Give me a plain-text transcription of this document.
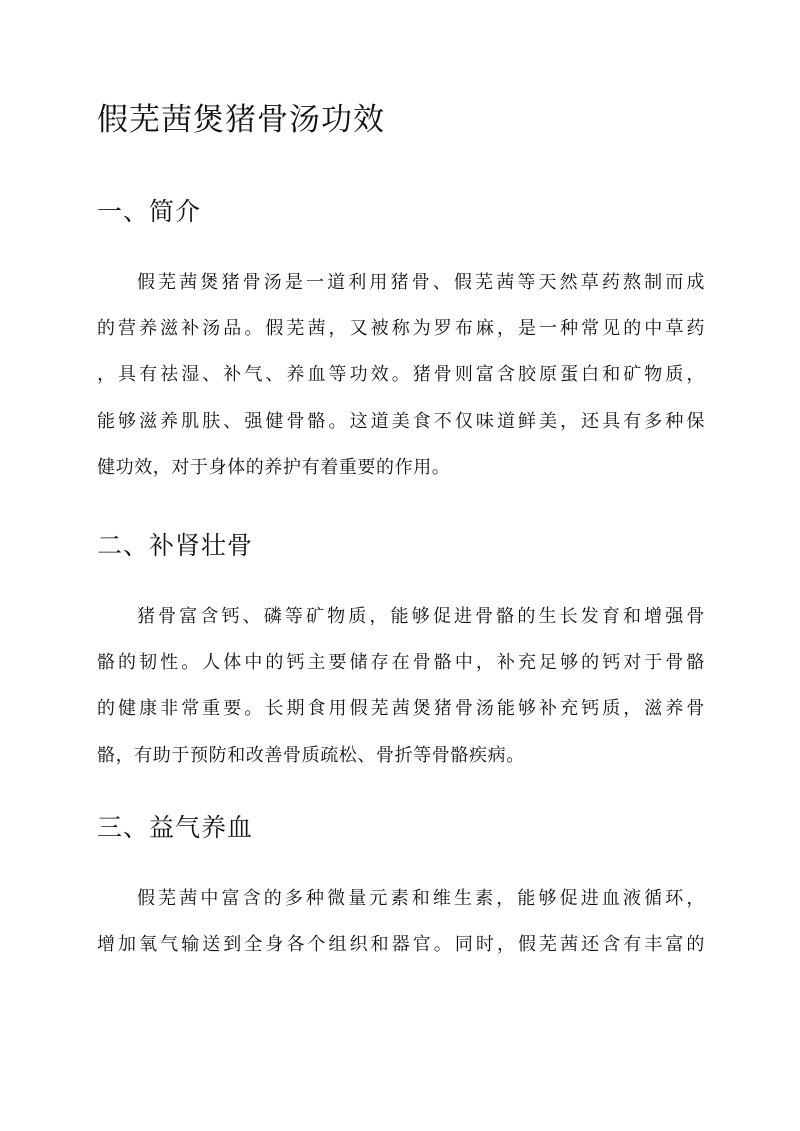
假芜茜煲猪骨汤功效
一、简介

假芜茜煲猪骨汤是一道利用猪骨、假芜茜等天然草药熬制而成

的营养滋补汤品。假芜茜，又被称为罗布麻，是一种常见的中草药

，具有祛湿、补气、养血等功效。猪骨则富含胶原蛋白和矿物质，

能够滋养肌肤、强健骨骼。这道美食不仅味道鲜美，还具有多种保

健功效，对于身体的养护有着重要的作用。

二、补肾壮骨

猪骨富含钙、磷等矿物质，能够促进骨骼的生长发育和增强骨

骼的韧性。人体中的钙主要储存在骨骼中，补充足够的钙对于骨骼

的健康非常重要。长期食用假芜茜煲猪骨汤能够补充钙质，滋养骨

骼，有助于预防和改善骨质疏松、骨折等骨骼疾病。

三、益气养血

假芜茜中富含的多种微量元素和维生素，能够促进血液循环，

增加氧气输送到全身各个组织和器官。同时，假芜茜还含有丰富的
